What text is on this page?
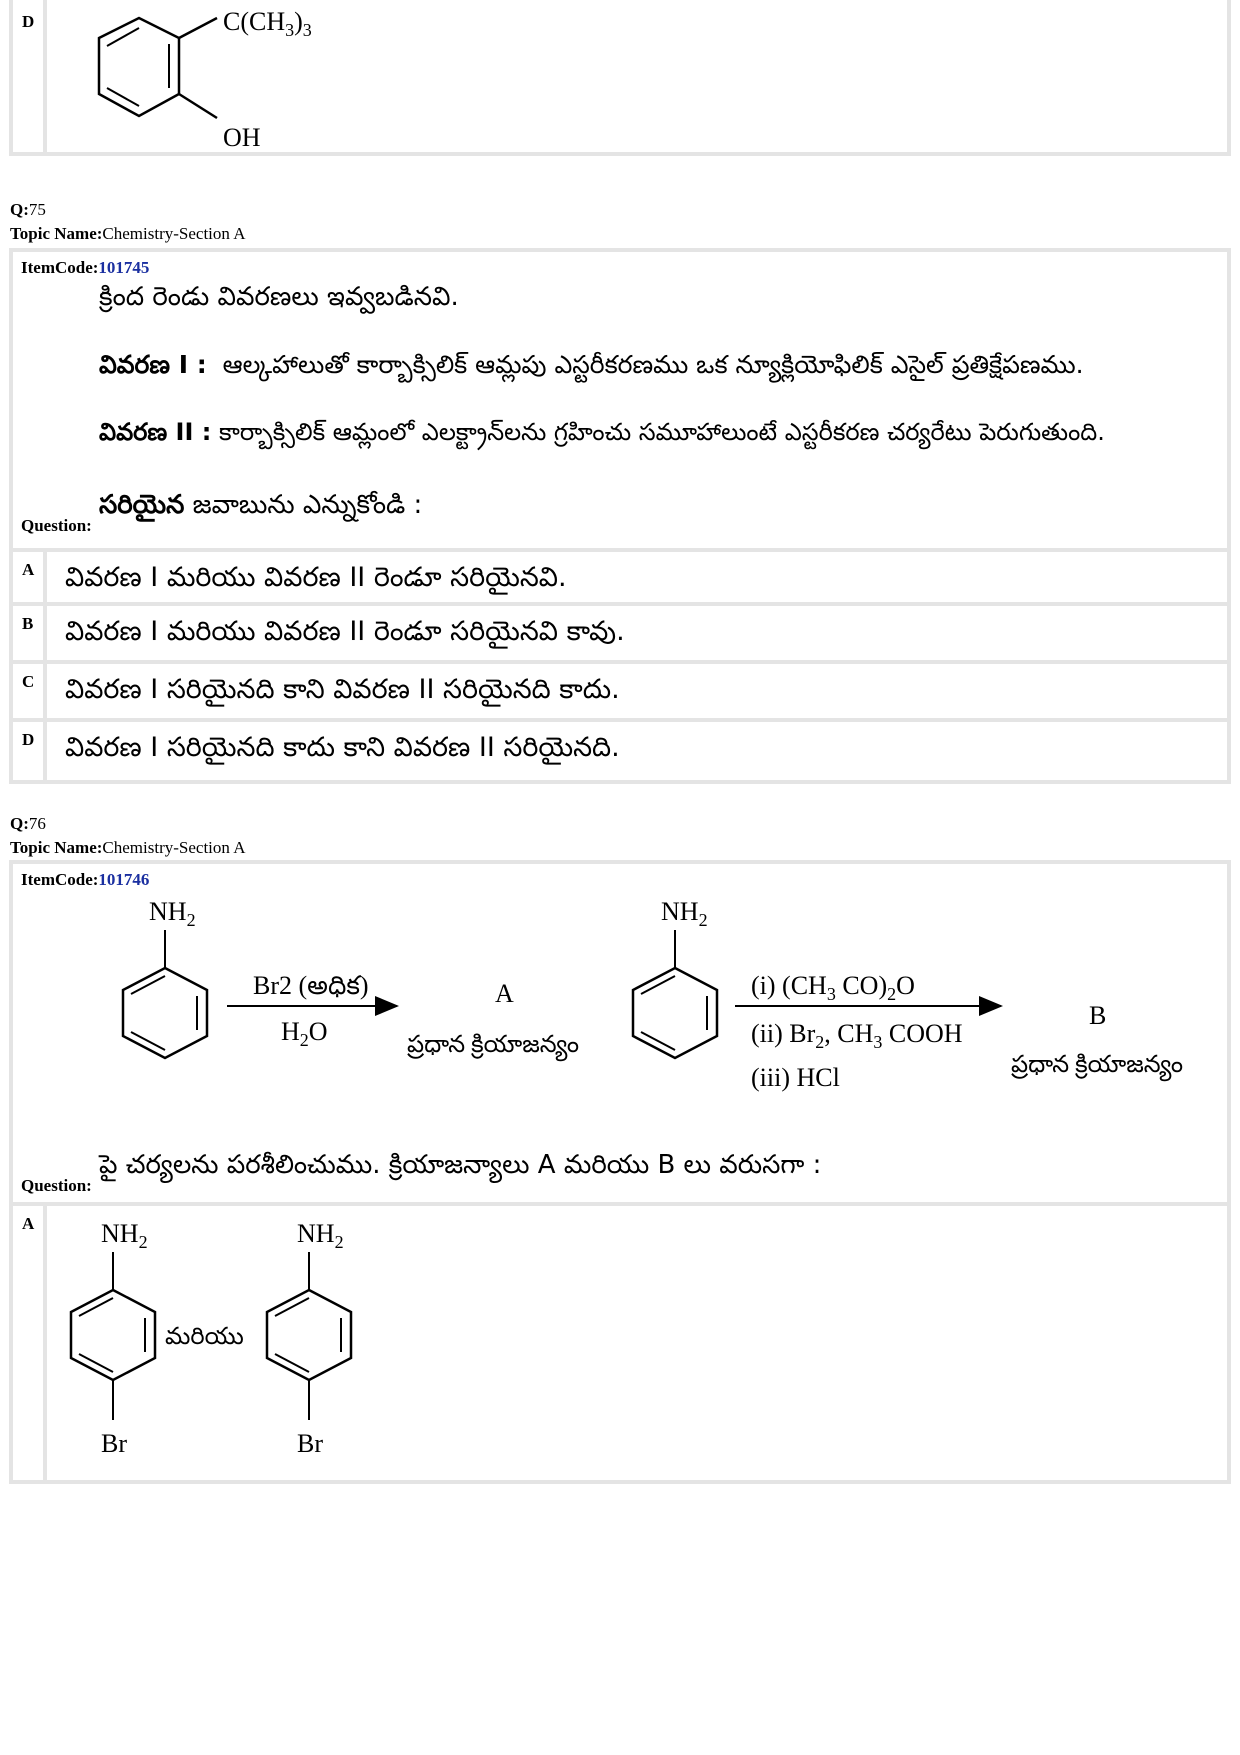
D	$C(CH_3)_3$
OH
Q:75
Topic Name:Chemistry-Section A
ItemCode:101745
క్రింద రెండు వివరణలు ఇవ్వబడినవి.
వివరణ I : ఆల్కహాలుతో కార్బాక్సిలిక్ ఆమ్లపు ఎస్టరీకరణము ఒక న్యూక్లియోఫిలిక్ ఎసైల్ ప్రతిక్షేపణము.
వివరణ II : కార్బాక్సిలిక్ ఆమ్లంలో ఎలక్ట్రాన్‌లను గ్రహించు సమూహాలుంటే ఎస్టరీకరణ చర్యరేటు పెరుగుతుంది.
సరియైన జవాబును ఎన్నుకోండి :
Question:
A వివరణ I మరియు వివరణ II రెండూ సరియైనవి.
B వివరణ I మరియు వివరణ II రెండూ సరియైనవి కావు.
C వివరణ I సరియైనది కాని వివరణ II సరియైనది కాదు.
D వివరణ I సరియైనది కాదు కాని వివరణ II సరియైనది.
Q:76
Topic Name:Chemistry-Section A
ItemCode:101746
$NH_2$
Br2 (అధిక)
$H_2O$
A
ప్రధాన క్రియాజన్యం
$NH_2$
(i) ($CH_3$ $CO)_2O$
(ii) $Br_2$, $CH_3$ COOH
(iii) HCl
B
ప్రధాన క్రియాజన్యం
పై చర్యలను పరశీలించుము. క్రియాజన్యాలు A మరియు B లు వరుసగా :
Question:
A	$NH_2$
Br
మరియు
$NH_2$
Br
